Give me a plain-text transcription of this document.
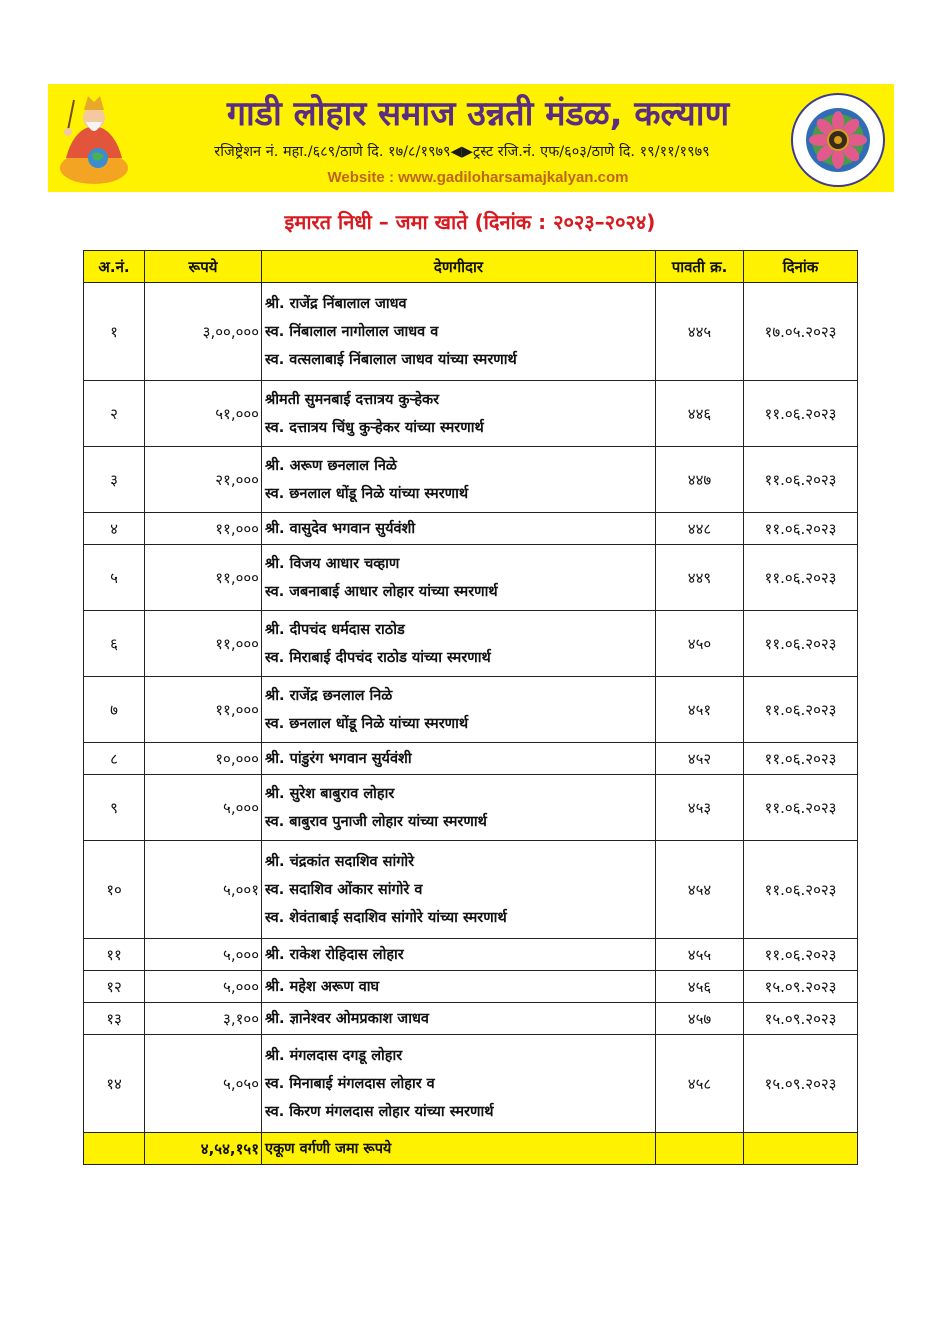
गाडी लोहार समाज उन्नती मंडळ, कल्याण
रजिष्ट्रेशन नं. महा./६८९/ठाणे दि. १७/८/१९७९◀▶ट्रस्ट रजि.नं. एफ/६०३/ठाणे दि. १९/११/१९७९
Website : www.gadiloharsamajkalyan.com
इमारत निधी – जमा खाते (दिनांक : २०२३–२०२४)
अ.नं.	रूपये	देणगीदार	पावती क्र.	दिनांक
१	३,००,०००	श्री. राजेंद्र निंबालाल जाधव
स्व. निंबालाल नागोलाल जाधव व
स्व. वत्सलाबाई निंबालाल जाधव यांच्या स्मरणार्थ	४४५	१७.०५.२०२३
२	५१,०००	श्रीमती सुमनबाई दत्तात्रय कुऱ्हेकर
स्व. दत्तात्रय चिंधु कुऱ्हेकर यांच्या स्मरणार्थ	४४६	११.०६.२०२३
३	२१,०००	श्री. अरूण छनलाल निळे
स्व. छनलाल धोंडू निळे यांच्या स्मरणार्थ	४४७	११.०६.२०२३
४	११,०००	श्री. वासुदेव भगवान सुर्यवंशी	४४८	११.०६.२०२३
५	११,०००	श्री. विजय आधार चव्हाण
स्व. जबनाबाई आधार लोहार यांच्या स्मरणार्थ	४४९	११.०६.२०२३
६	११,०००	श्री. दीपचंद धर्मदास राठोड
स्व. मिराबाई दीपचंद राठोड यांच्या स्मरणार्थ	४५०	११.०६.२०२३
७	११,०००	श्री. राजेंद्र छनलाल निळे
स्व. छनलाल धोंडू निळे यांच्या स्मरणार्थ	४५१	११.०६.२०२३
८	१०,०००	श्री. पांडुरंग भगवान सुर्यवंशी	४५२	११.०६.२०२३
९	५,०००	श्री. सुरेश बाबुराव लोहार
स्व. बाबुराव पुनाजी लोहार यांच्या स्मरणार्थ	४५३	११.०६.२०२३
१०	५,००१	श्री. चंद्रकांत सदाशिव सांगोरे
स्व. सदाशिव ओंकार सांगोरे व
स्व. शेवंताबाई सदाशिव सांगोरे यांच्या स्मरणार्थ	४५४	११.०६.२०२३
११	५,०००	श्री. राकेश रोहिदास लोहार	४५५	११.०६.२०२३
१२	५,०००	श्री. महेश अरूण वाघ	४५६	१५.०९.२०२३
१३	३,१००	श्री. ज्ञानेश्वर ओमप्रकाश जाधव	४५७	१५.०९.२०२३
१४	५,०५०	श्री. मंगलदास दगडू लोहार
स्व. मिनाबाई मंगलदास लोहार व
स्व. किरण मंगलदास लोहार यांच्या स्मरणार्थ	४५८	१५.०९.२०२३
	४,५४,१५१	एकूण वर्गणी जमा रूपये		
